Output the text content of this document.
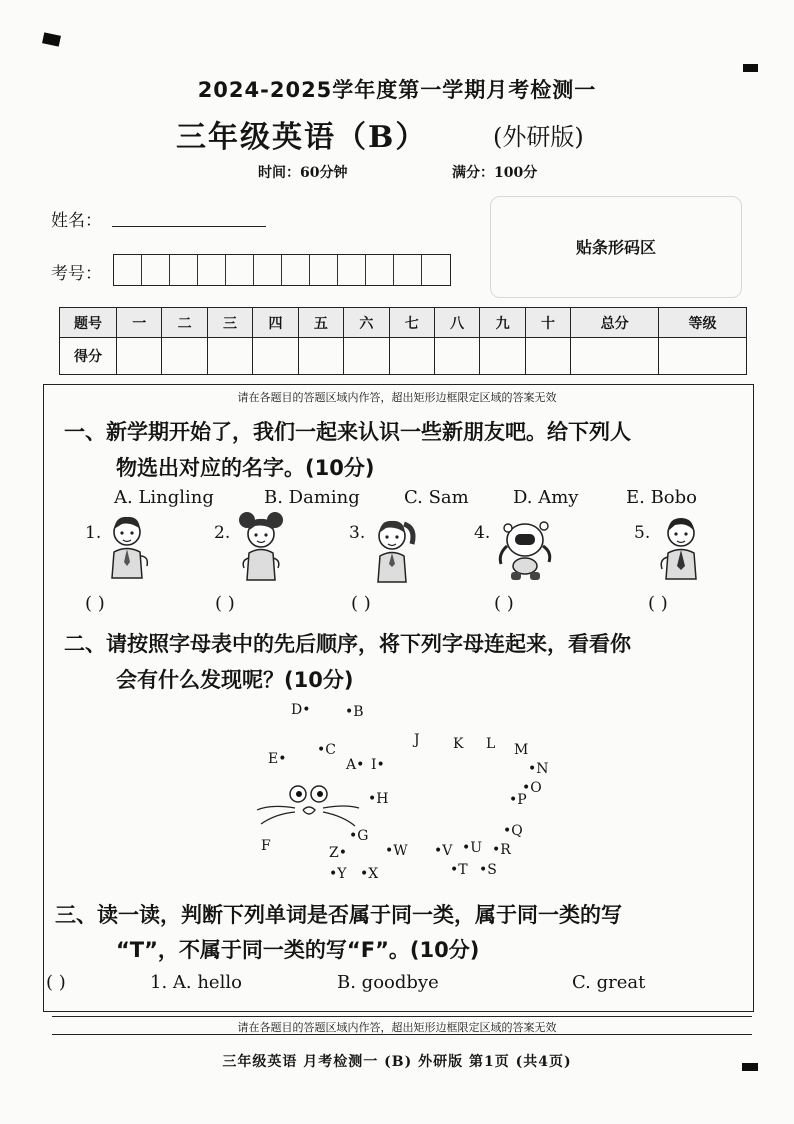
2024-2025学年度第一学期月考检测一
三年级英语（B）	(外研版)
时间：60分钟	满分：100分
姓名：
考号：
贴条形码区
题号	一	二	三	四	五	六	七	八	九	十	总分	等级
得分												
请在各题目的答题区域内作答，超出矩形边框限定区域的答案无效
一、新学期开始了，我们一起来认识一些新朋友吧。给下列人
物选出对应的名字。(10分)
A. Lingling	B. Daming C. Sam D. Amy	E. Bobo
1.	2.	3.	4.	5.
( )	( )	( )	( )	( )
二、请按照字母表中的先后顺序，将下列字母连起来，看看你
会有什么发现呢？(10分)
D• •B
E•
•C
A• I•
J K L M
•N
•O
•P
•H
•Q
•G
F	Z•	•W •V •U •R
•Y •X	•T •S
三、读一读，判断下列单词是否属于同一类，属于同一类的写
“T”，不属于同一类的写“F”。(10分)
( )	1. A. hello	B. goodbye	C. great
请在各题目的答题区域内作答，超出矩形边框限定区域的答案无效
三年级英语 月考检测一 (B) 外研版 第1页 (共4页)
